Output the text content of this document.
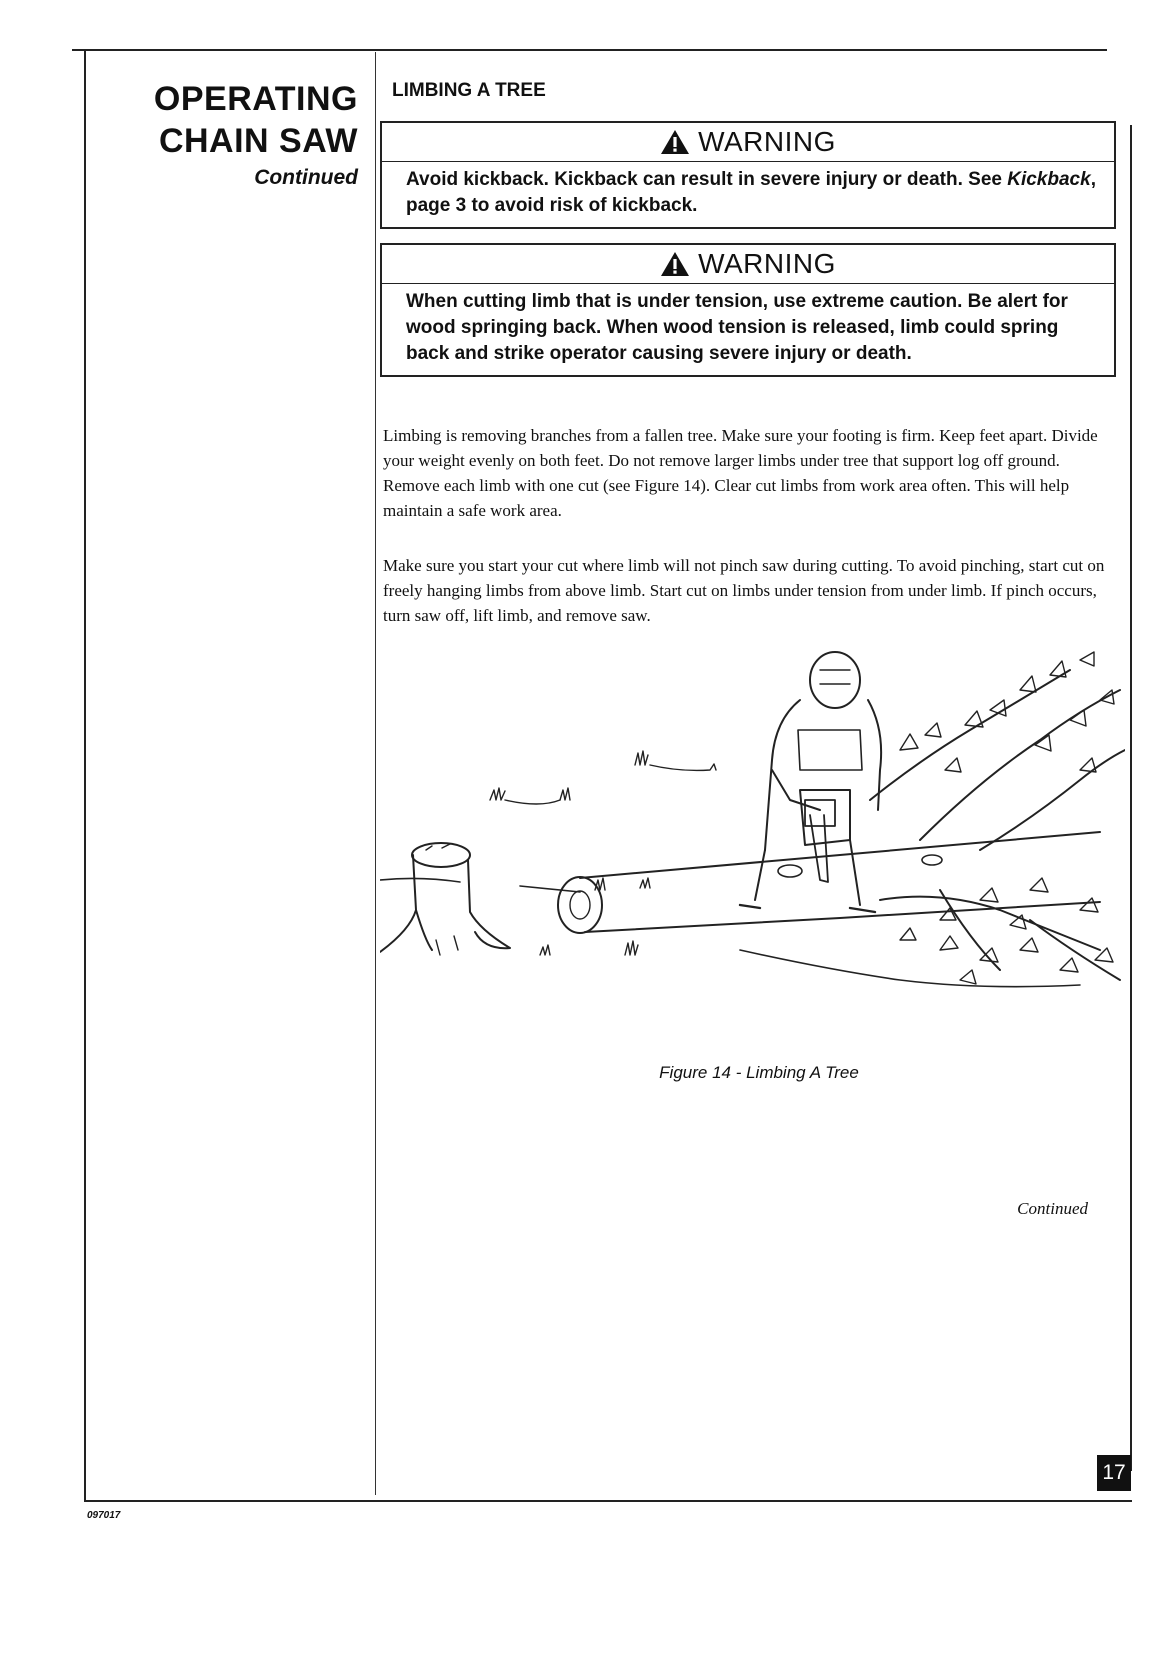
OPERATING
CHAIN SAW
Continued
LIMBING A TREE
WARNING
Avoid kickback. Kickback can result in severe injury or death. See Kickback, page 3 to avoid risk of kickback.
WARNING
When cutting limb that is under tension, use extreme caution. Be alert for wood springing back. When wood tension is released, limb could spring back and strike operator causing severe injury or death.

Limbing is removing branches from a fallen tree. Make sure your footing is firm. Keep feet apart. Divide your weight evenly on both feet. Do not remove larger limbs under tree that support log off ground. Remove each limb with one cut (see Figure 14). Clear cut limbs from work area often. This will help maintain a safe work area.

Make sure you start your cut where limb will not pinch saw during cutting. To avoid pinching, start cut on freely hanging limbs from above limb. Start cut on limbs under tension from under limb. If pinch occurs, turn saw off, lift limb, and remove saw.

Figure 14 - Limbing A Tree
Continued
17
097017
